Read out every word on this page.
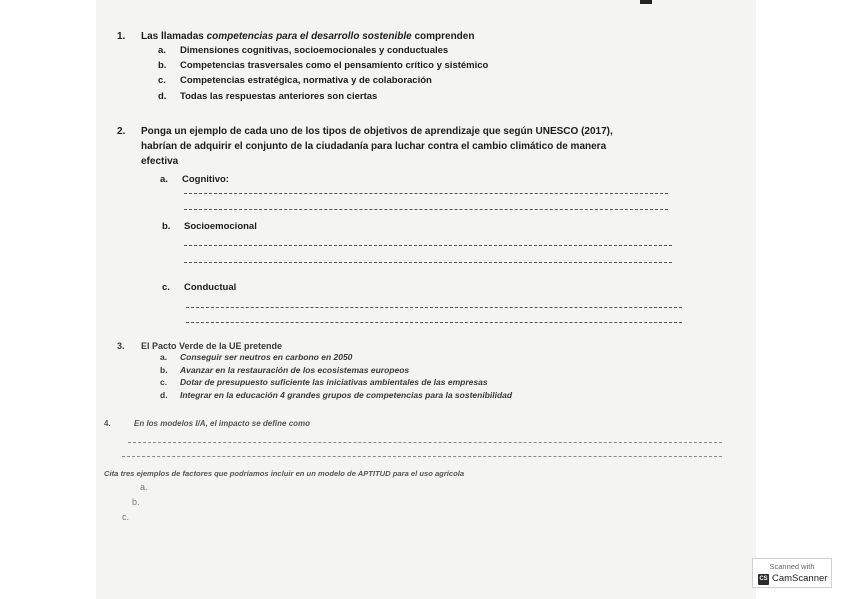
1. Las llamadas competencias para el desarrollo sostenible comprenden
a. Dimensiones cognitivas, socioemocionales y conductuales
b. Competencias trasversales como el pensamiento crítico y sistémico
c. Competencias estratégica, normativa y de colaboración
d. Todas las respuestas anteriores son ciertas
2. Ponga un ejemplo de cada uno de los tipos de objetivos de aprendizaje que según UNESCO (2017),
habrían de adquirir el conjunto de la ciudadanía para luchar contra el cambio climático de manera
efectiva
a. Cognitivo:
b. Socioemocional
c. Conductual
3. El Pacto Verde de la UE pretende
a. Conseguir ser neutros en carbono en 2050
b. Avanzar en la restauración de los ecosistemas europeos
c. Dotar de presupuesto suficiente las iniciativas ambientales de las empresas
d. Integrar en la educación 4 grandes grupos de competencias para la sostenibilidad
4.	En los modelos I/A, el impacto se define como
Cita tres ejemplos de factores que podríamos incluir en un modelo de APTITUD para el uso agrícola
a.
b.
c.
Scanned with
CS CamScanner
